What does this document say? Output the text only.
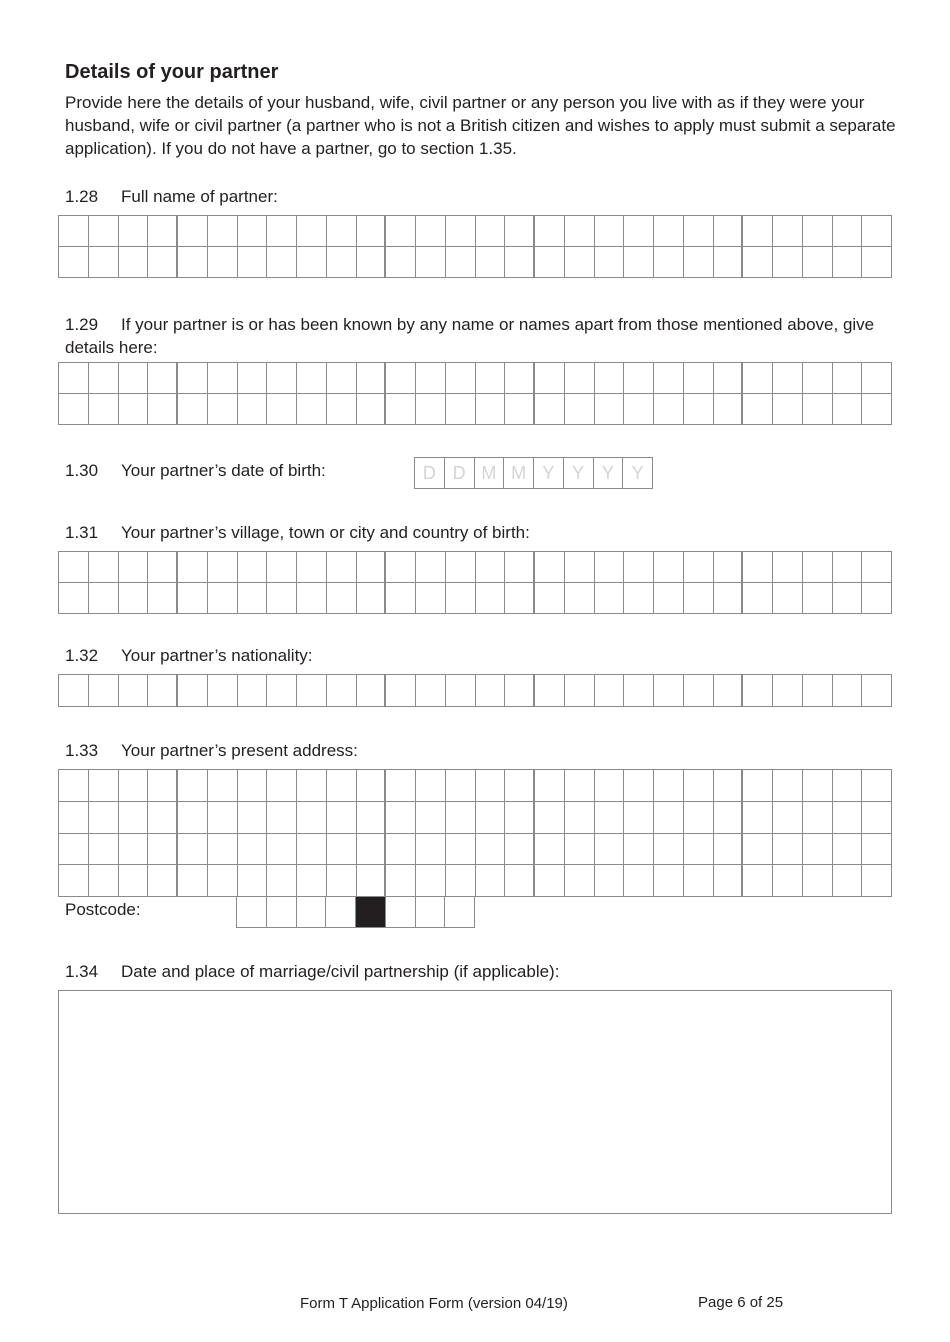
Details of your partner

Provide here the details of your husband, wife, civil partner or any person you live with as if they were your husband, wife or civil partner (a partner who is not a British citizen and wishes to apply must submit a separate application). If you do not have a partner, go to section 1.35.

1.28 Full name of partner:
1.29 If your partner is or has been known by any name or names apart from those mentioned above, give details here:
1.30 Your partner’s date of birth:	D D M M Y Y Y Y
1.31 Your partner’s village, town or city and country of birth:
1.32 Your partner’s nationality:
1.33 Your partner’s present address:
Postcode:
1.34 Date and place of marriage/civil partnership (if applicable):
Form T Application Form (version 04/19)	Page 6 of 25
